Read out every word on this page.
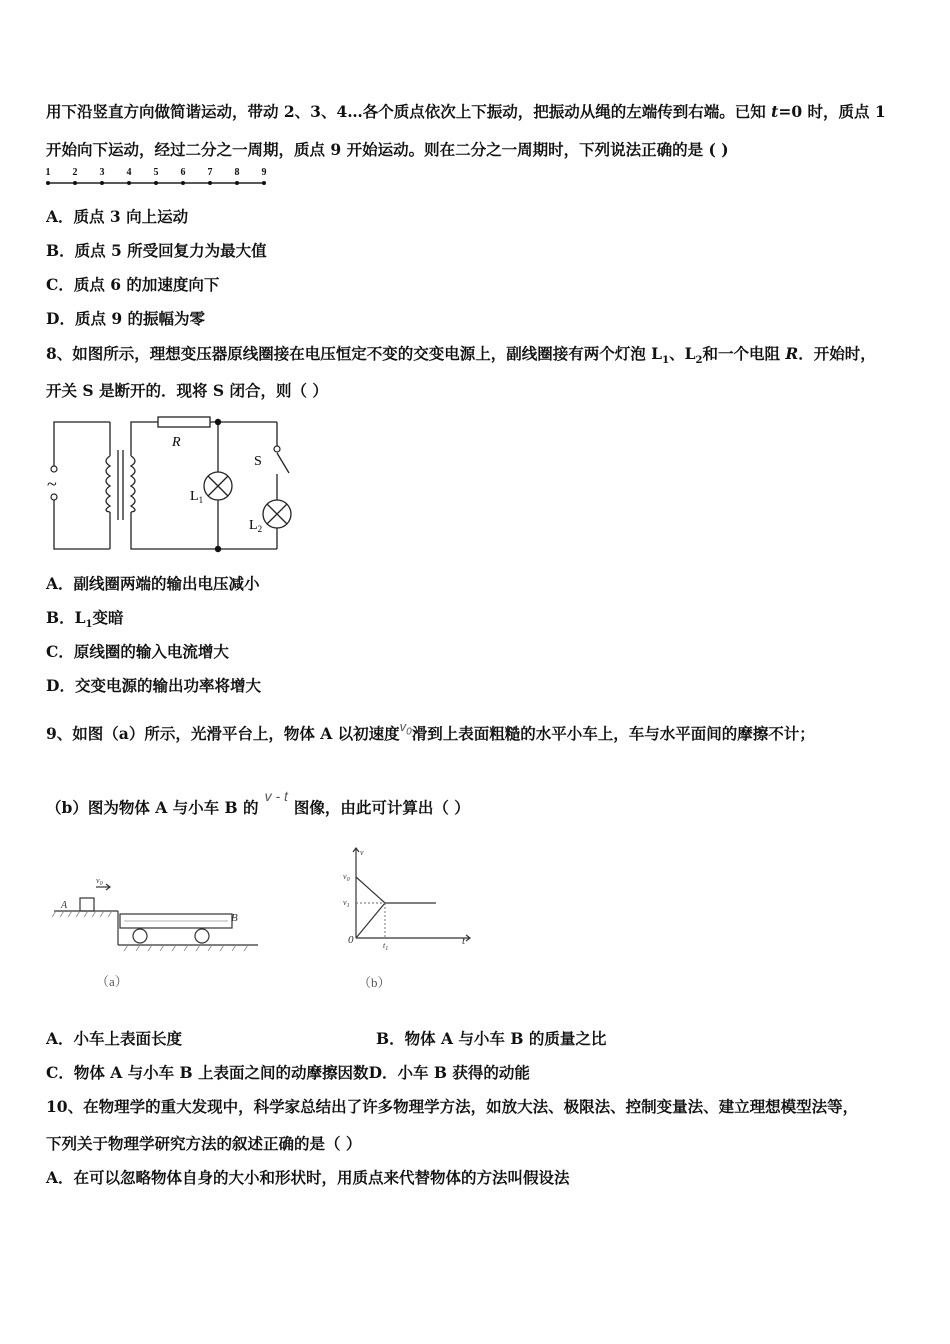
用下沿竖直方向做简谐运动，带动 2、3、4…各个质点依次上下振动，把振动从绳的左端传到右端。已知 t=0 时，质点 1
开始向下运动，经过二分之一周期，质点 9 开始运动。则在二分之一周期时，下列说法正确的是 ( )
1 2 3 4 5 6 7 8 9
A．质点 3 向上运动
B．质点 5 所受回复力为最大值
C．质点 6 的加速度向下
D．质点 9 的振幅为零
8、如图所示，理想变压器原线圈接在电压恒定不变的交变电源上，副线圈接有两个灯泡 $L_1$、$L_2$和一个电阻 R．开始时，
开关 S 是断开的．现将 S 闭合，则（ ）
~
R
S
$L_1$
$L_2$
A．副线圈两端的输出电压减小
B．$L_1$变暗
C．原线圈的输入电流增大
D．交变电源的输出功率将增大
9、如图（a）所示，光滑平台上，物体 A 以初速度$^{v_0}$滑到上表面粗糙的水平小车上，车与水平面间的摩擦不计；
（b）图为物体 A 与小车 B 的v - t图像，由此可计算出（ ）
A
B
$v_0$
（a）
v
$v_0$
$v_1$
0	$t_1$
t
（b）
A．小车上表面长度	B．物体 A 与小车 B 的质量之比
C．物体 A 与小车 B 上表面之间的动摩擦因数D．小车 B 获得的动能
10、在物理学的重大发现中，科学家总结出了许多物理学方法，如放大法、极限法、控制变量法、建立理想模型法等，
下列关于物理学研究方法的叙述正确的是（ ）
A．在可以忽略物体自身的大小和形状时，用质点来代替物体的方法叫假设法
